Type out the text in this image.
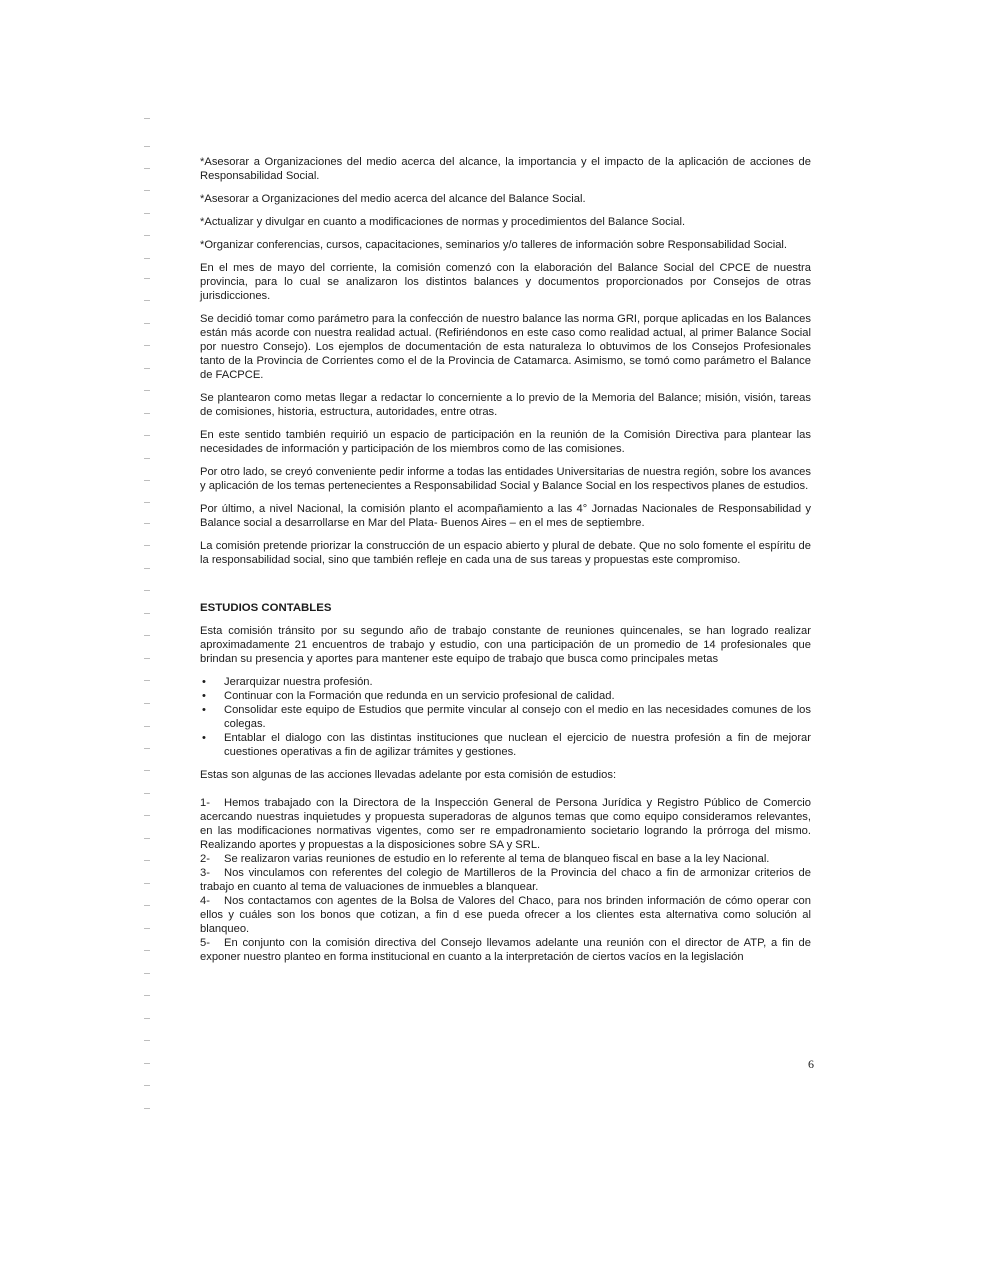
*Asesorar a Organizaciones del medio acerca del alcance, la importancia y el impacto de la aplicación de acciones de Responsabilidad Social.

*Asesorar a Organizaciones del medio acerca del alcance del Balance Social.

*Actualizar y divulgar en cuanto a modificaciones de normas y procedimientos del Balance Social.

*Organizar conferencias, cursos, capacitaciones, seminarios y/o talleres de información sobre Responsabilidad Social.

En el mes de mayo del corriente, la comisión comenzó con la elaboración del Balance Social del CPCE de nuestra provincia, para lo cual se analizaron los distintos balances y documentos proporcionados por Consejos de otras jurisdicciones.

Se decidió tomar como parámetro para la confección de nuestro balance las norma GRI, porque aplicadas en los Balances están más acorde con nuestra realidad actual. (Refiriéndonos en este caso como realidad actual, al primer Balance Social por nuestro Consejo). Los ejemplos de documentación de esta naturaleza lo obtuvimos de los Consejos Profesionales tanto de la Provincia de Corrientes como el de la Provincia de Catamarca. Asimismo, se tomó como parámetro el Balance de FACPCE.

Se plantearon como metas llegar a redactar lo concerniente a lo previo de la Memoria del Balance; misión, visión, tareas de comisiones, historia, estructura, autoridades, entre otras.

En este sentido también requirió un espacio de participación en la reunión de la Comisión Directiva para plantear las necesidades de información y participación de los miembros como de las comisiones.

Por otro lado, se creyó conveniente pedir informe a todas las entidades Universitarias de nuestra región, sobre los avances y aplicación de los temas pertenecientes a Responsabilidad Social y Balance Social en los respectivos planes de estudios.

Por último, a nivel Nacional, la comisión planto el acompañamiento a las 4° Jornadas Nacionales de Responsabilidad y Balance social a desarrollarse en Mar del Plata- Buenos Aires – en el mes de septiembre.

La comisión pretende priorizar la construcción de un espacio abierto y plural de debate. Que no solo fomente el espíritu de la responsabilidad social, sino que también refleje en cada una de sus tareas y propuestas este compromiso.

ESTUDIOS CONTABLES

Esta comisión tránsito por su segundo año de trabajo constante de reuniones quincenales, se han logrado realizar aproximadamente 21 encuentros de trabajo y estudio, con una participación de un promedio de 14 profesionales que brindan su presencia y aportes para mantener este equipo de trabajo que busca como principales metas

• Jerarquizar nuestra profesión.
• Continuar con la Formación que redunda en un servicio profesional de calidad.
• Consolidar este equipo de Estudios que permite vincular al consejo con el medio en las necesidades comunes de los colegas.
• Entablar el dialogo con las distintas instituciones que nuclean el ejercicio de nuestra profesión a fin de mejorar cuestiones operativas a fin de agilizar trámites y gestiones.

Estas son algunas de las acciones llevadas adelante por esta comisión de estudios:

1- Hemos trabajado con la Directora de la Inspección General de Persona Jurídica y Registro Público de Comercio acercando nuestras inquietudes y propuesta superadoras de algunos temas que como equipo consideramos relevantes, en las modificaciones normativas vigentes, como ser re empadronamiento societario logrando la prórroga del mismo. Realizando aportes y propuestas a la disposiciones sobre SA y SRL.
2- Se realizaron varias reuniones de estudio en lo referente al tema de blanqueo fiscal en base a la ley Nacional.
3- Nos vinculamos con referentes del colegio de Martilleros de la Provincia del chaco a fin de armonizar criterios de trabajo en cuanto al tema de valuaciones de inmuebles a blanquear.
4- Nos contactamos con agentes de la Bolsa de Valores del Chaco, para nos brinden información de cómo operar con ellos y cuáles son los bonos que cotizan, a fin d ese pueda ofrecer a los clientes esta alternativa como solución al blanqueo.
5- En conjunto con la comisión directiva del Consejo llevamos adelante una reunión con el director de ATP, a fin de exponer nuestro planteo en forma institucional en cuanto a la interpretación de ciertos vacíos en la legislación
6
